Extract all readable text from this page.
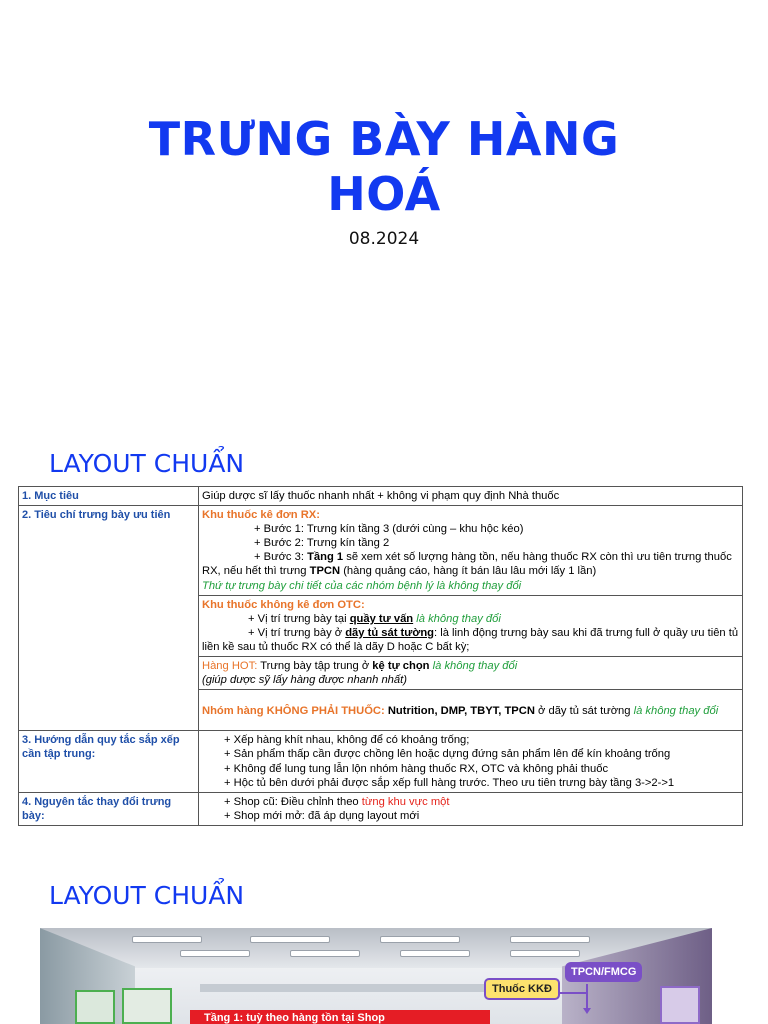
TRƯNG BÀY HÀNG
HOÁ
08.2024
LAYOUT CHUẨN
1. Mục tiêu	Giúp dược sĩ lấy thuốc nhanh nhất + không vi phạm quy định Nhà thuốc
2. Tiêu chí trưng bày ưu tiên	Khu thuốc kê đơn RX:
+ Bước 1: Trưng kín tầng 3 (dưới cùng – khu hộc kéo)
+ Bước 2: Trưng kín tầng 2
+ Bước 3: Tầng 1 sẽ xem xét số lượng hàng tồn, nếu hàng thuốc RX còn thì ưu tiên trưng thuốc RX, nếu hết thì trưng TPCN (hàng quảng cáo, hàng ít bán lâu lâu mới lấy 1 lần)
Thứ tự trưng bày chi tiết của các nhóm bệnh lý là không thay đổi

	Khu thuốc không kê đơn OTC:
+ Vị trí trưng bày tại quầy tư vấn là không thay đổi
+ Vị trí trưng bày ở dãy tủ sát tường: là linh động trưng bày sau khi đã trưng full ở quầy ưu tiên tủ liền kề sau tủ thuốc RX có thể là dãy D hoặc C bất kỳ;

	Hàng HOT: Trưng bày tập trung ở kệ tự chọn là không thay đổi
(giúp dược sỹ lấy hàng được nhanh nhất)

	Nhóm hàng KHÔNG PHẢI THUỐC: Nutrition, DMP, TBYT, TPCN ở dãy tủ sát tường là không thay đổi
3. Hướng dẫn quy tắc sắp xếp cần tập trung:	+ Xếp hàng khít nhau, không để có khoảng trống;
+ Sản phẩm thấp cần được chồng lên hoặc dựng đứng sản phẩm lên để kín khoảng trống
+ Không để lung tung lẫn lộn nhóm hàng thuốc RX, OTC và không phải thuốc
+ Hộc tủ bên dưới phải được sắp xếp full hàng trước. Theo ưu tiên trưng bày tầng 3->2->1

4. Nguyên tắc thay đổi trưng bày:	+ Shop cũ: Điều chỉnh theo từng khu vực một
+ Shop mới mở: đã áp dụng layout mới
LAYOUT CHUẨN
TPCN/FMCG
Thuốc KKĐ
Tầng 1: tuỳ theo hàng tồn tại Shop
